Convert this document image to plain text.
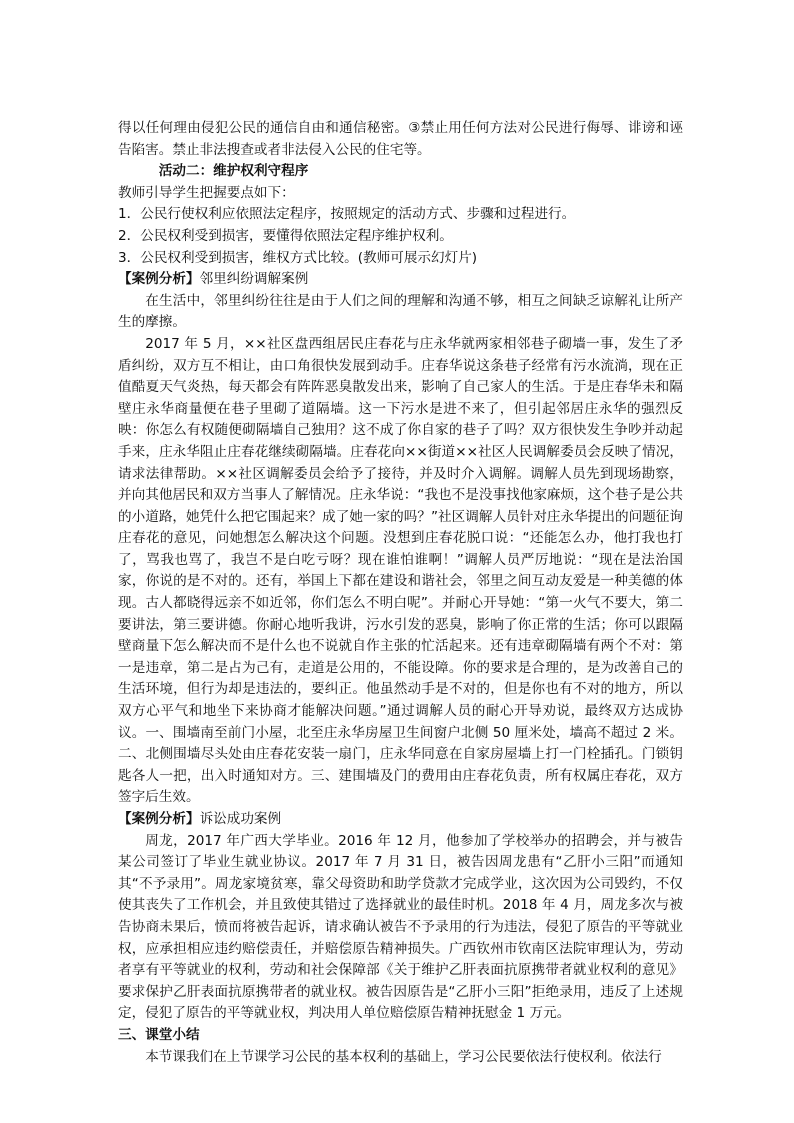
得以任何理由侵犯公民的通信自由和通信秘密。③禁止用任何方法对公民进行侮辱、诽谤和诬告陷害。禁止非法搜查或者非法侵入公民的住宅等。

活动二：维护权利守程序

教师引导学生把握要点如下：

1．公民行使权利应依照法定程序，按照规定的活动方式、步骤和过程进行。

2．公民权利受到损害，要懂得依照法定程序维护权利。

3．公民权利受到损害，维权方式比较。(教师可展示幻灯片)

【案例分析】邻里纠纷调解案例

在生活中，邻里纠纷往往是由于人们之间的理解和沟通不够，相互之间缺乏谅解礼让所产生的摩擦。

2017 年 5 月，××社区盘西组居民庄春花与庄永华就两家相邻巷子砌墙一事，发生了矛盾纠纷，双方互不相让，由口角很快发展到动手。庄春华说这条巷子经常有污水流淌，现在正值酷夏天气炎热，每天都会有阵阵恶臭散发出来，影响了自己家人的生活。于是庄春华未和隔壁庄永华商量便在巷子里砌了道隔墙。这一下污水是进不来了，但引起邻居庄永华的强烈反映：你怎么有权随便砌隔墙自己独用？这不成了你自家的巷子了吗？双方很快发生争吵并动起手来，庄永华阻止庄春花继续砌隔墙。庄春花向××街道××社区人民调解委员会反映了情况，请求法律帮助。××社区调解委员会给予了接待，并及时介入调解。调解人员先到现场勘察，并向其他居民和双方当事人了解情况。庄永华说：“我也不是没事找他家麻烦，这个巷子是公共的小道路，她凭什么把它围起来？成了她一家的吗？”社区调解人员针对庄永华提出的问题征询庄春花的意见，问她想怎么解决这个问题。没想到庄春花脱口说：“还能怎么办，他打我也打了，骂我也骂了，我岂不是白吃亏呀？现在谁怕谁啊！”调解人员严厉地说：“现在是法治国家，你说的是不对的。还有，举国上下都在建设和谐社会，邻里之间互动友爱是一种美德的体现。古人都晓得远亲不如近邻，你们怎么不明白呢”。并耐心开导她：“第一火气不要大，第二要讲法，第三要讲德。你耐心地听我讲，污水引发的恶臭，影响了你正常的生活；你可以跟隔壁商量下怎么解决而不是什么也不说就自作主张的忙活起来。还有违章砌隔墙有两个不对：第一是违章，第二是占为己有，走道是公用的，不能设障。你的要求是合理的，是为改善自己的生活环境，但行为却是违法的，要纠正。他虽然动手是不对的，但是你也有不对的地方，所以双方心平气和地坐下来协商才能解决问题。”通过调解人员的耐心开导劝说，最终双方达成协议。一、围墙南至前门小屋，北至庄永华房屋卫生间窗户北侧 50 厘米处，墙高不超过 2 米。二、北侧围墙尽头处由庄春花安装一扇门，庄永华同意在自家房屋墙上打一门栓插孔。门锁钥匙各人一把，出入时通知对方。三、建围墙及门的费用由庄春花负责，所有权属庄春花，双方签字后生效。

【案例分析】诉讼成功案例

周龙，2017 年广西大学毕业。2016 年 12 月，他参加了学校举办的招聘会，并与被告某公司签订了毕业生就业协议。2017 年 7 月 31 日，被告因周龙患有“乙肝小三阳”而通知其“不予录用”。周龙家境贫寒，靠父母资助和助学贷款才完成学业，这次因为公司毁约，不仅使其丧失了工作机会，并且致使其错过了选择就业的最佳时机。2018 年 4 月，周龙多次与被告协商未果后，愤而将被告起诉，请求确认被告不予录用的行为违法，侵犯了原告的平等就业权，应承担相应违约赔偿责任，并赔偿原告精神损失。广西钦州市钦南区法院审理认为，劳动者享有平等就业的权利，劳动和社会保障部《关于维护乙肝表面抗原携带者就业权利的意见》要求保护乙肝表面抗原携带者的就业权。被告因原告是“乙肝小三阳”拒绝录用，违反了上述规定，侵犯了原告的平等就业权，判决用人单位赔偿原告精神抚慰金 1 万元。

三、课堂小结

本节课我们在上节课学习公民的基本权利的基础上，学习公民要依法行使权利。依法行
